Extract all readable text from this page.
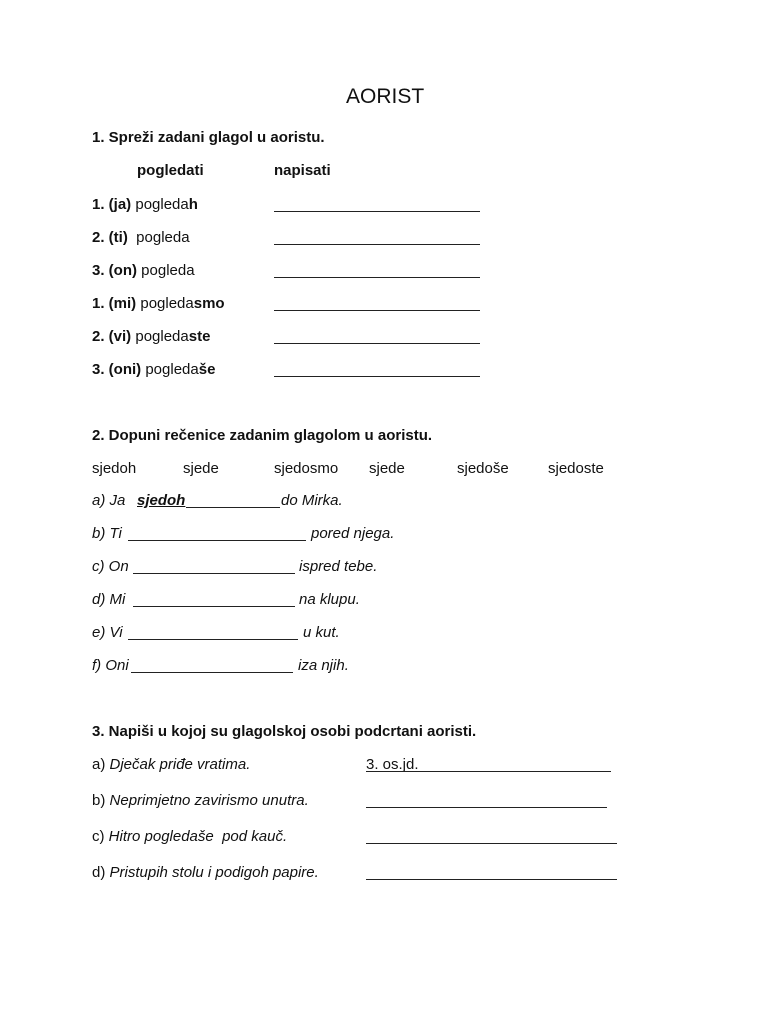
AORIST
1. Spreži zadani glagol u aoristu.
pogledati	napisati
1. (ja) pogledah
2. (ti)  pogleda
3. (on) pogleda
1. (mi) pogledasmo
2. (vi) pogledaste
3. (oni) pogledaše
2. Dopuni rečenice zadanim glagolom u aoristu.
sjedoh	sjede	sjedosmo sjede	sjedoše	sjedoste
a) Ja sjedoh	do Mirka.
b) Ti	pored njega.
c) On	ispred tebe.
d) Mi	na klupu.
e) Vi	u kut.
f) Oni	iza njih.
3. Napiši u kojoj su glagolskoj osobi podcrtani aoristi.
a) Dječak priđe vratima.	3. os.jd.
b) Neprimjetno zavirismo unutra.
c) Hitro pogledaše  pod kauč.
d) Pristupih stolu i podigoh papire.
